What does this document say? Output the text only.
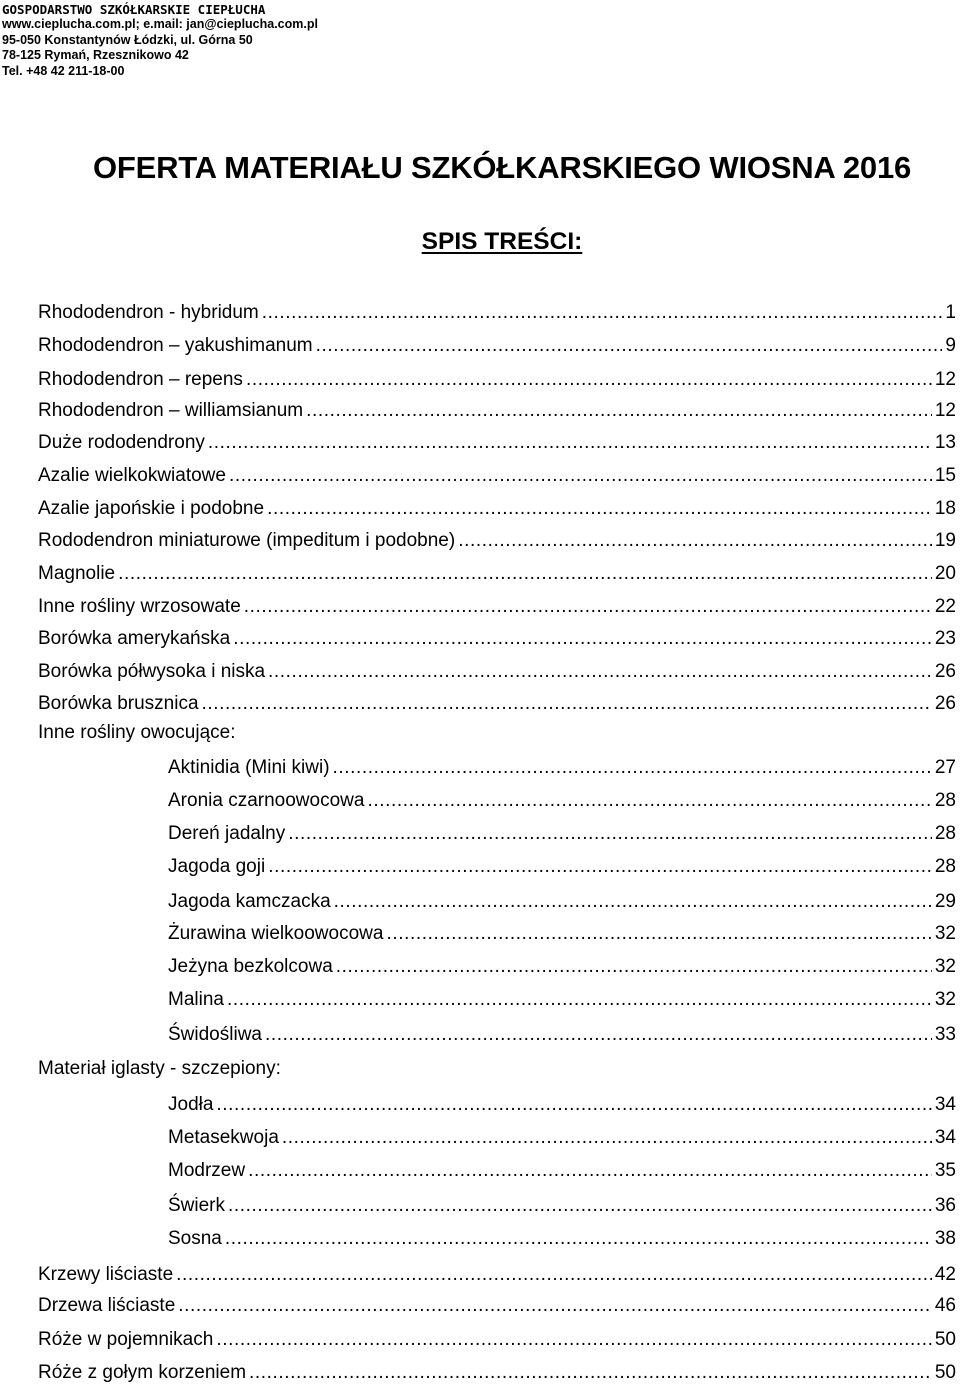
GOSPODARSTWO SZKÓŁKARSKIE CIEPŁUCHA
www.cieplucha.com.pl; e.mail: jan@cieplucha.com.pl
95-050 Konstantynów Łódzki, ul. Górna 50
78-125 Rymań, Rzesznikowo 42
Tel. +48 42 211-18-00
OFERTA MATERIAŁU SZKÓŁKARSKIEGO WIOSNA 2016
SPIS TREŚCI:
Rhododendron - hybridum .....	1
Rhododendron – yakushimanum .....	9
Rhododendron – repens .....	12
Rhododendron – williamsianum .....	12
Duże rododendrony .....	13
Azalie wielkokwiatowe .....	15
Azalie japońskie i podobne .....	18
Rododendron miniaturowe (impeditum i podobne) .....	19
Magnolie .....	20
Inne rośliny wrzosowate .....	22
Borówka amerykańska .....	23
Borówka półwysoka i niska .....	26
Borówka brusznica .....	26
Inne rośliny owocujące:
Aktinidia (Mini kiwi) .....	27
Aronia czarnoowocowa .....	28
Dereń jadalny .....	28
Jagoda goji .....	28
Jagoda kamczacka .....	29
Żurawina wielkoowocowa .....	32
Jeżyna bezkolcowa .....	32
Malina .....	32
Świdośliwa .....	33
Materiał iglasty - szczepiony:
Jodła .....	34
Metasekwoja .....	34
Modrzew .....	35
Świerk .....	36
Sosna .....	38
Krzewy liściaste .....	42
Drzewa liściaste .....	46
Róże w pojemnikach .....	50
Róże z gołym korzeniem .....	50
